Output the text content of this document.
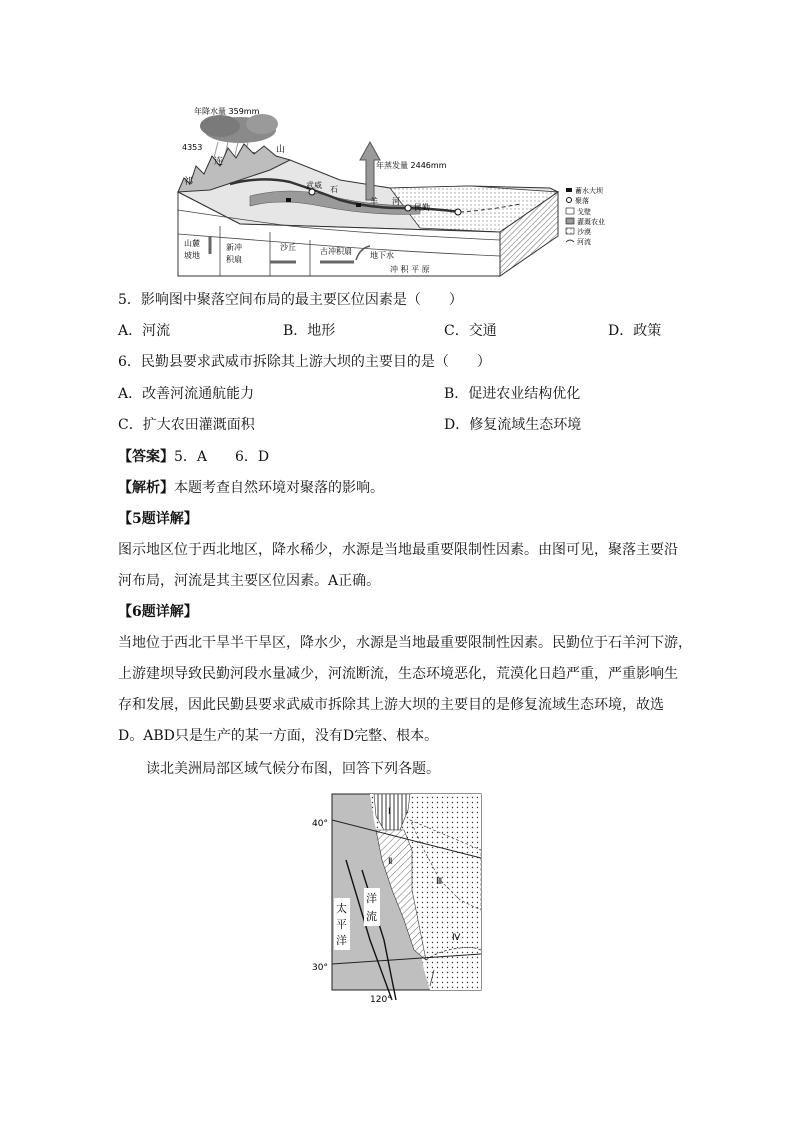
年降水量 359mm
4353
年蒸发量 2446mm
祁
连
山
武威 石
羊 河
民勤
山麓
坡地
新冲
积扇
沙丘	古冲积扇 地下水
冲 积 平 原
蓄水大坝
聚落
戈壁
灌溉农业
沙漠
河流
5．影响图中聚落空间布局的最主要区位因素是（　　）
A．河流	B．地形	C．交通	D．政策
6．民勤县要求武威市拆除其上游大坝的主要目的是（　　）
A．改善河流通航能力	B．促进农业结构优化
C．扩大农田灌溉面积	D．修复流域生态环境
【答案】5．A　　6．D
【解析】本题考查自然环境对聚落的影响。
【5题详解】
图示地区位于西北地区，降水稀少，水源是当地最重要限制性因素。由图可见，聚落主要沿
河布局，河流是其主要区位因素。A正确。
【6题详解】
当地位于西北干旱半干旱区，降水少，水源是当地最重要限制性因素。民勤位于石羊河下游，
上游建坝导致民勤河段水量减少，河流断流，生态环境恶化，荒漠化日趋严重，严重影响生
存和发展，因此民勤县要求武威市拆除其上游大坝的主要目的是修复流域生态环境，故选
D。ABD只是生产的某一方面，没有D完整、根本。
读北美洲局部区域气候分布图，回答下列各题。
40°
30°
120°
太
平
洋
洋
流
Ⅰ
Ⅱ
Ⅲ
Ⅳ
